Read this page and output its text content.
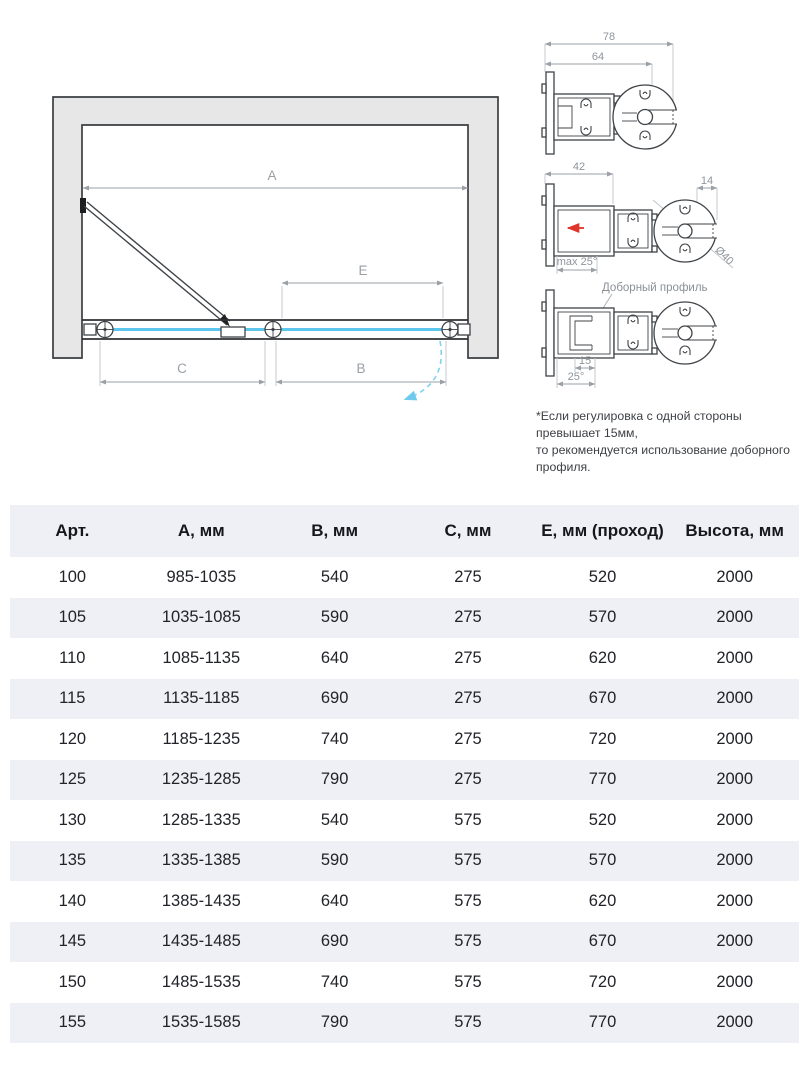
A
E
C	B
78
64
42
14
max 25°	Ø40
Доборный профиль
15
25°
*Если регулировка с одной стороны превышает 15мм,
то рекомендуется использование доборного профиля.
Арт.	A, мм	B, мм	C, мм	E, мм (проход)	Высота, мм
100	985-1035	540	275	520	2000
105	1035-1085	590	275	570	2000
110	1085-1135	640	275	620	2000
115	1135-1185	690	275	670	2000
120	1185-1235	740	275	720	2000
125	1235-1285	790	275	770	2000
130	1285-1335	540	575	520	2000
135	1335-1385	590	575	570	2000
140	1385-1435	640	575	620	2000
145	1435-1485	690	575	670	2000
150	1485-1535	740	575	720	2000
155	1535-1585	790	575	770	2000
